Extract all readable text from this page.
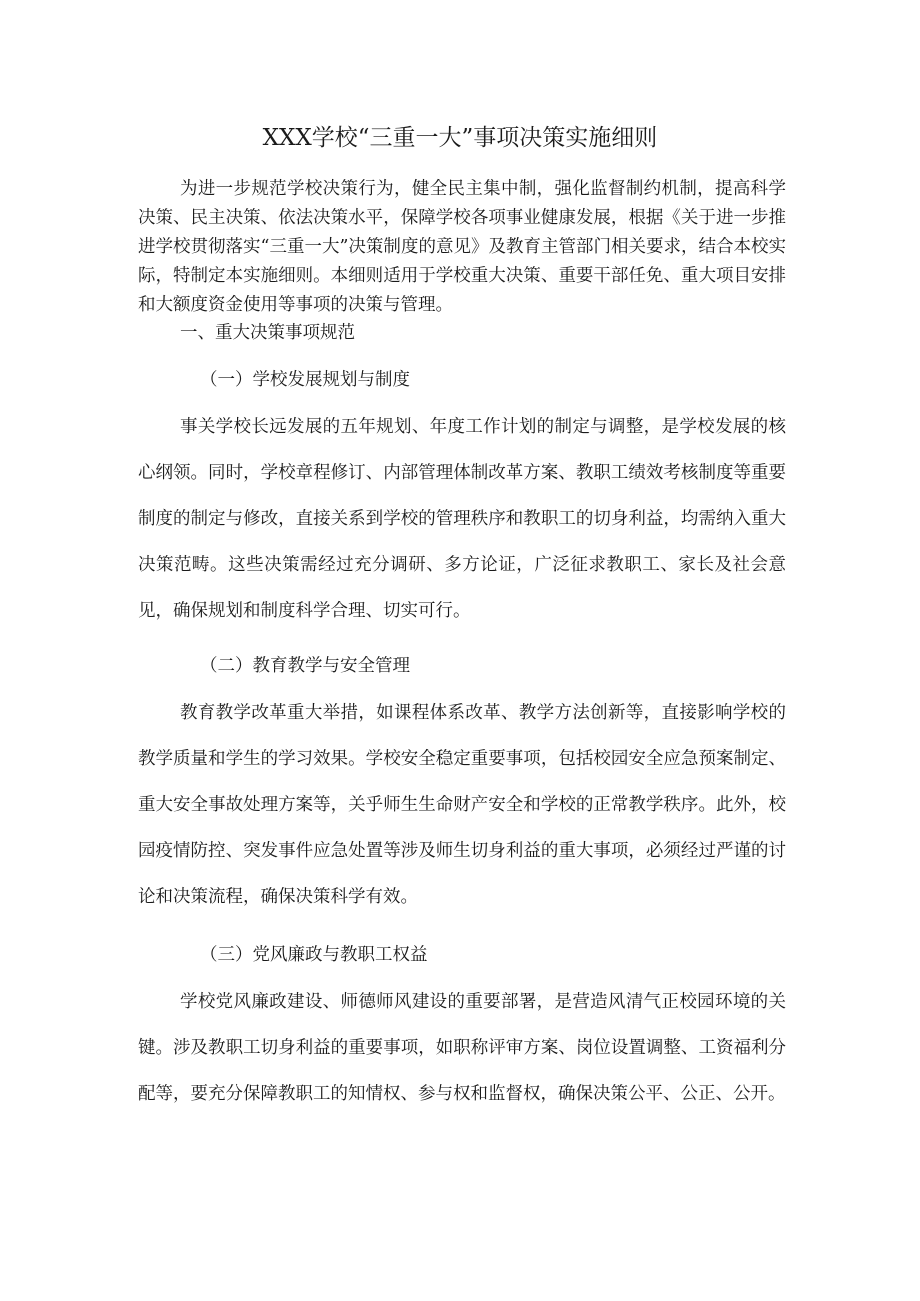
XXX学校“三重一大”事项决策实施细则

为进一步规范学校决策行为，健全民主集中制，强化监督制约机制，提高科学决策、民主决策、依法决策水平，保障学校各项事业健康发展，根据《关于进一步推进学校贯彻落实“三重一大”决策制度的意见》及教育主管部门相关要求，结合本校实际，特制定本实施细则。本细则适用于学校重大决策、重要干部任免、重大项目安排和大额度资金使用等事项的决策与管理。

一、重大决策事项规范
（一）学校发展规划与制度

事关学校长远发展的五年规划、年度工作计划的制定与调整，是学校发展的核心纲领。同时，学校章程修订、内部管理体制改革方案、教职工绩效考核制度等重要制度的制定与修改，直接关系到学校的管理秩序和教职工的切身利益，均需纳入重大决策范畴。这些决策需经过充分调研、多方论证，广泛征求教职工、家长及社会意见，确保规划和制度科学合理、切实可行。

（二）教育教学与安全管理

教育教学改革重大举措，如课程体系改革、教学方法创新等，直接影响学校的教学质量和学生的学习效果。学校安全稳定重要事项，包括校园安全应急预案制定、重大安全事故处理方案等，关乎师生生命财产安全和学校的正常教学秩序。此外，校园疫情防控、突发事件应急处置等涉及师生切身利益的重大事项，必须经过严谨的讨论和决策流程，确保决策科学有效。

（三）党风廉政与教职工权益

学校党风廉政建设、师德师风建设的重要部署，是营造风清气正校园环境的关键。涉及教职工切身利益的重要事项，如职称评审方案、岗位设置调整、工资福利分配等，要充分保障教职工的知情权、参与权和监督权，确保决策公平、公正、公开。
